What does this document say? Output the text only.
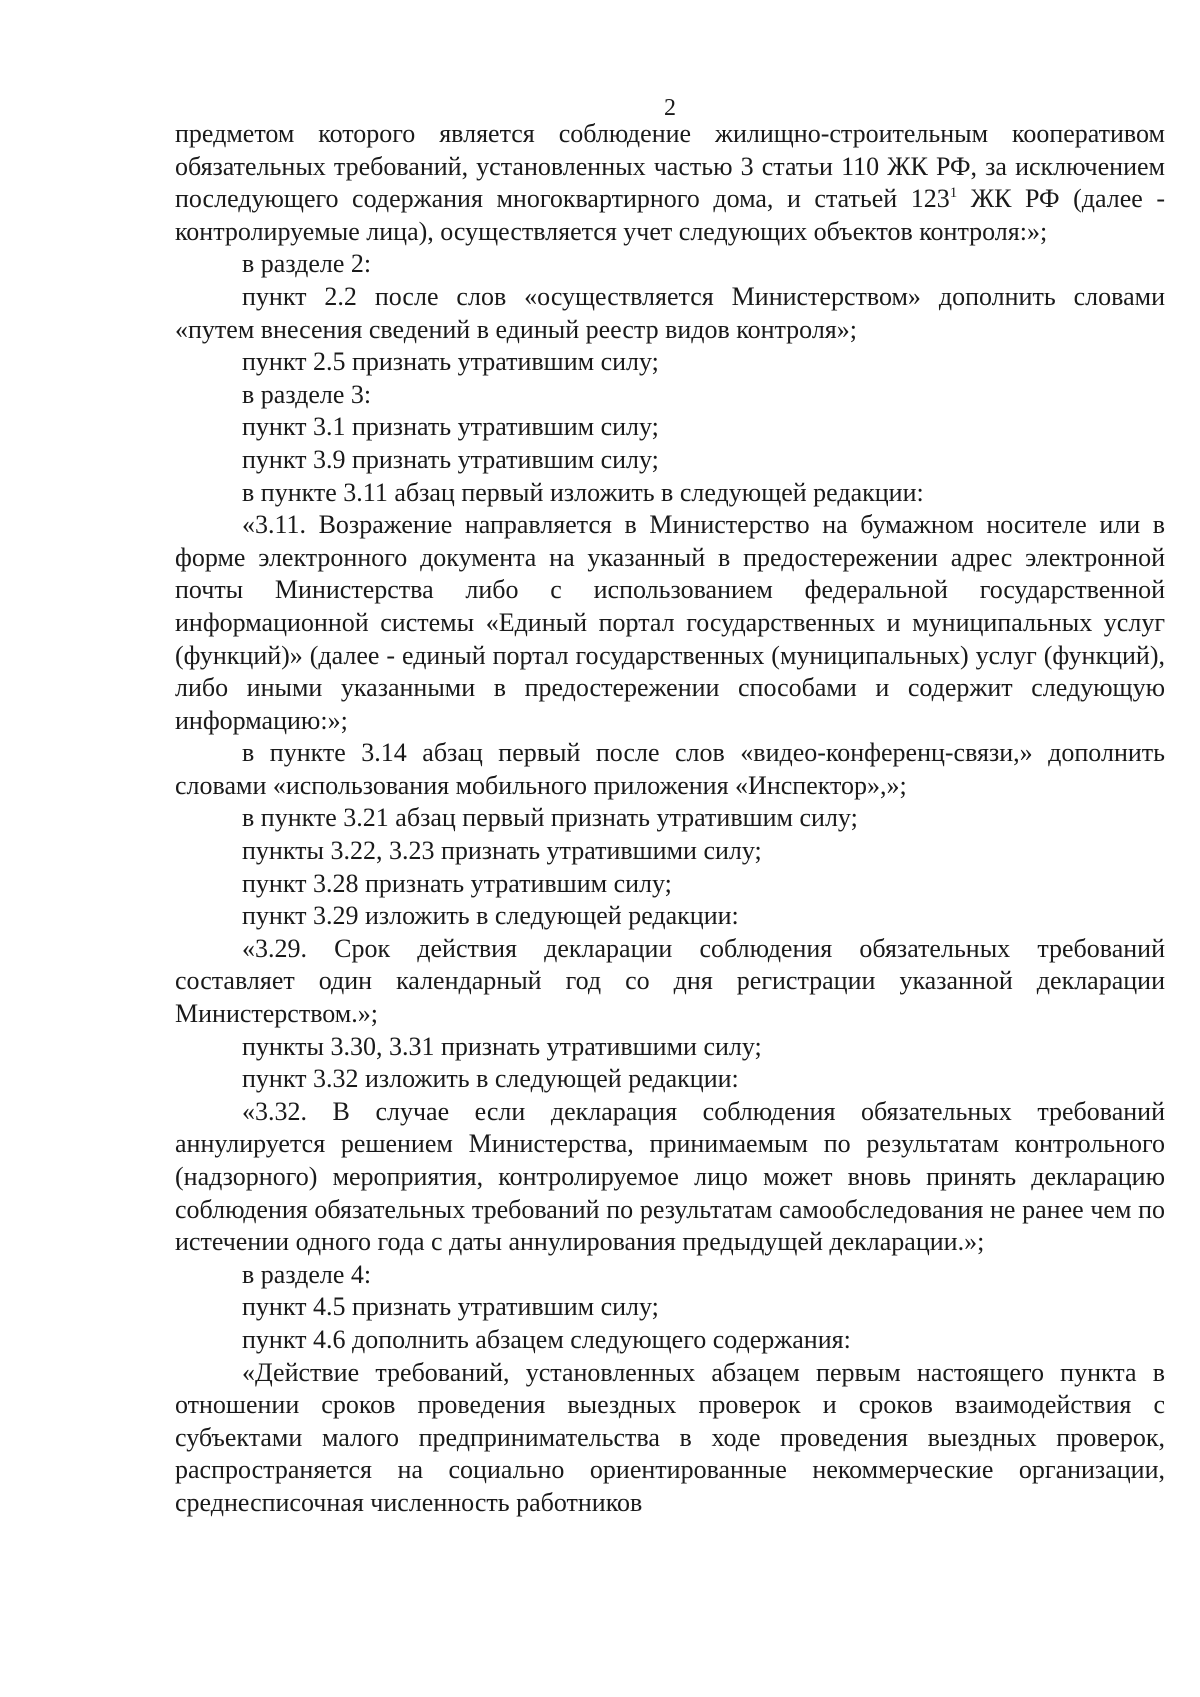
2

предметом которого является соблюдение жилищно-строительным кооперативом обязательных требований, установленных частью 3 статьи 110 ЖК РФ, за исключением последующего содержания многоквартирного дома, и статьей $123^1$ ЖК РФ (далее - контролируемые лица), осуществляется учет следующих объектов контроля:»;

в разделе 2:

пункт 2.2 после слов «осуществляется Министерством» дополнить словами «путем внесения сведений в единый реестр видов контроля»;

пункт 2.5 признать утратившим силу;

в разделе 3:

пункт 3.1 признать утратившим силу;

пункт 3.9 признать утратившим силу;

в пункте 3.11 абзац первый изложить в следующей редакции:

«3.11. Возражение направляется в Министерство на бумажном носителе или в форме электронного документа на указанный в предостережении адрес электронной почты Министерства либо с использованием федеральной государственной информационной системы «Единый портал государственных и муниципальных услуг (функций)» (далее - единый портал государственных (муниципальных) услуг (функций), либо иными указанными в предостережении способами и содержит следующую информацию:»;

в пункте 3.14 абзац первый после слов «видео-конференц-связи,» дополнить словами «использования мобильного приложения «Инспектор»,»;

в пункте 3.21 абзац первый признать утратившим силу;

пункты 3.22, 3.23 признать утратившими силу;

пункт 3.28 признать утратившим силу;

пункт 3.29 изложить в следующей редакции:

«3.29. Срок действия декларации соблюдения обязательных требований составляет один календарный год со дня регистрации указанной декларации Министерством.»;

пункты 3.30, 3.31 признать утратившими силу;

пункт 3.32 изложить в следующей редакции:

«3.32. В случае если декларация соблюдения обязательных требований аннулируется решением Министерства, принимаемым по результатам контрольного (надзорного) мероприятия, контролируемое лицо может вновь принять декларацию соблюдения обязательных требований по результатам самообследования не ранее чем по истечении одного года с даты аннулирования предыдущей декларации.»;

в разделе 4:

пункт 4.5 признать утратившим силу;

пункт 4.6 дополнить абзацем следующего содержания:

«Действие требований, установленных абзацем первым настоящего пункта в отношении сроков проведения выездных проверок и сроков взаимодействия с субъектами малого предпринимательства в ходе проведения выездных проверок, распространяется на социально ориентированные некоммерческие организации, среднесписочная численность работников
